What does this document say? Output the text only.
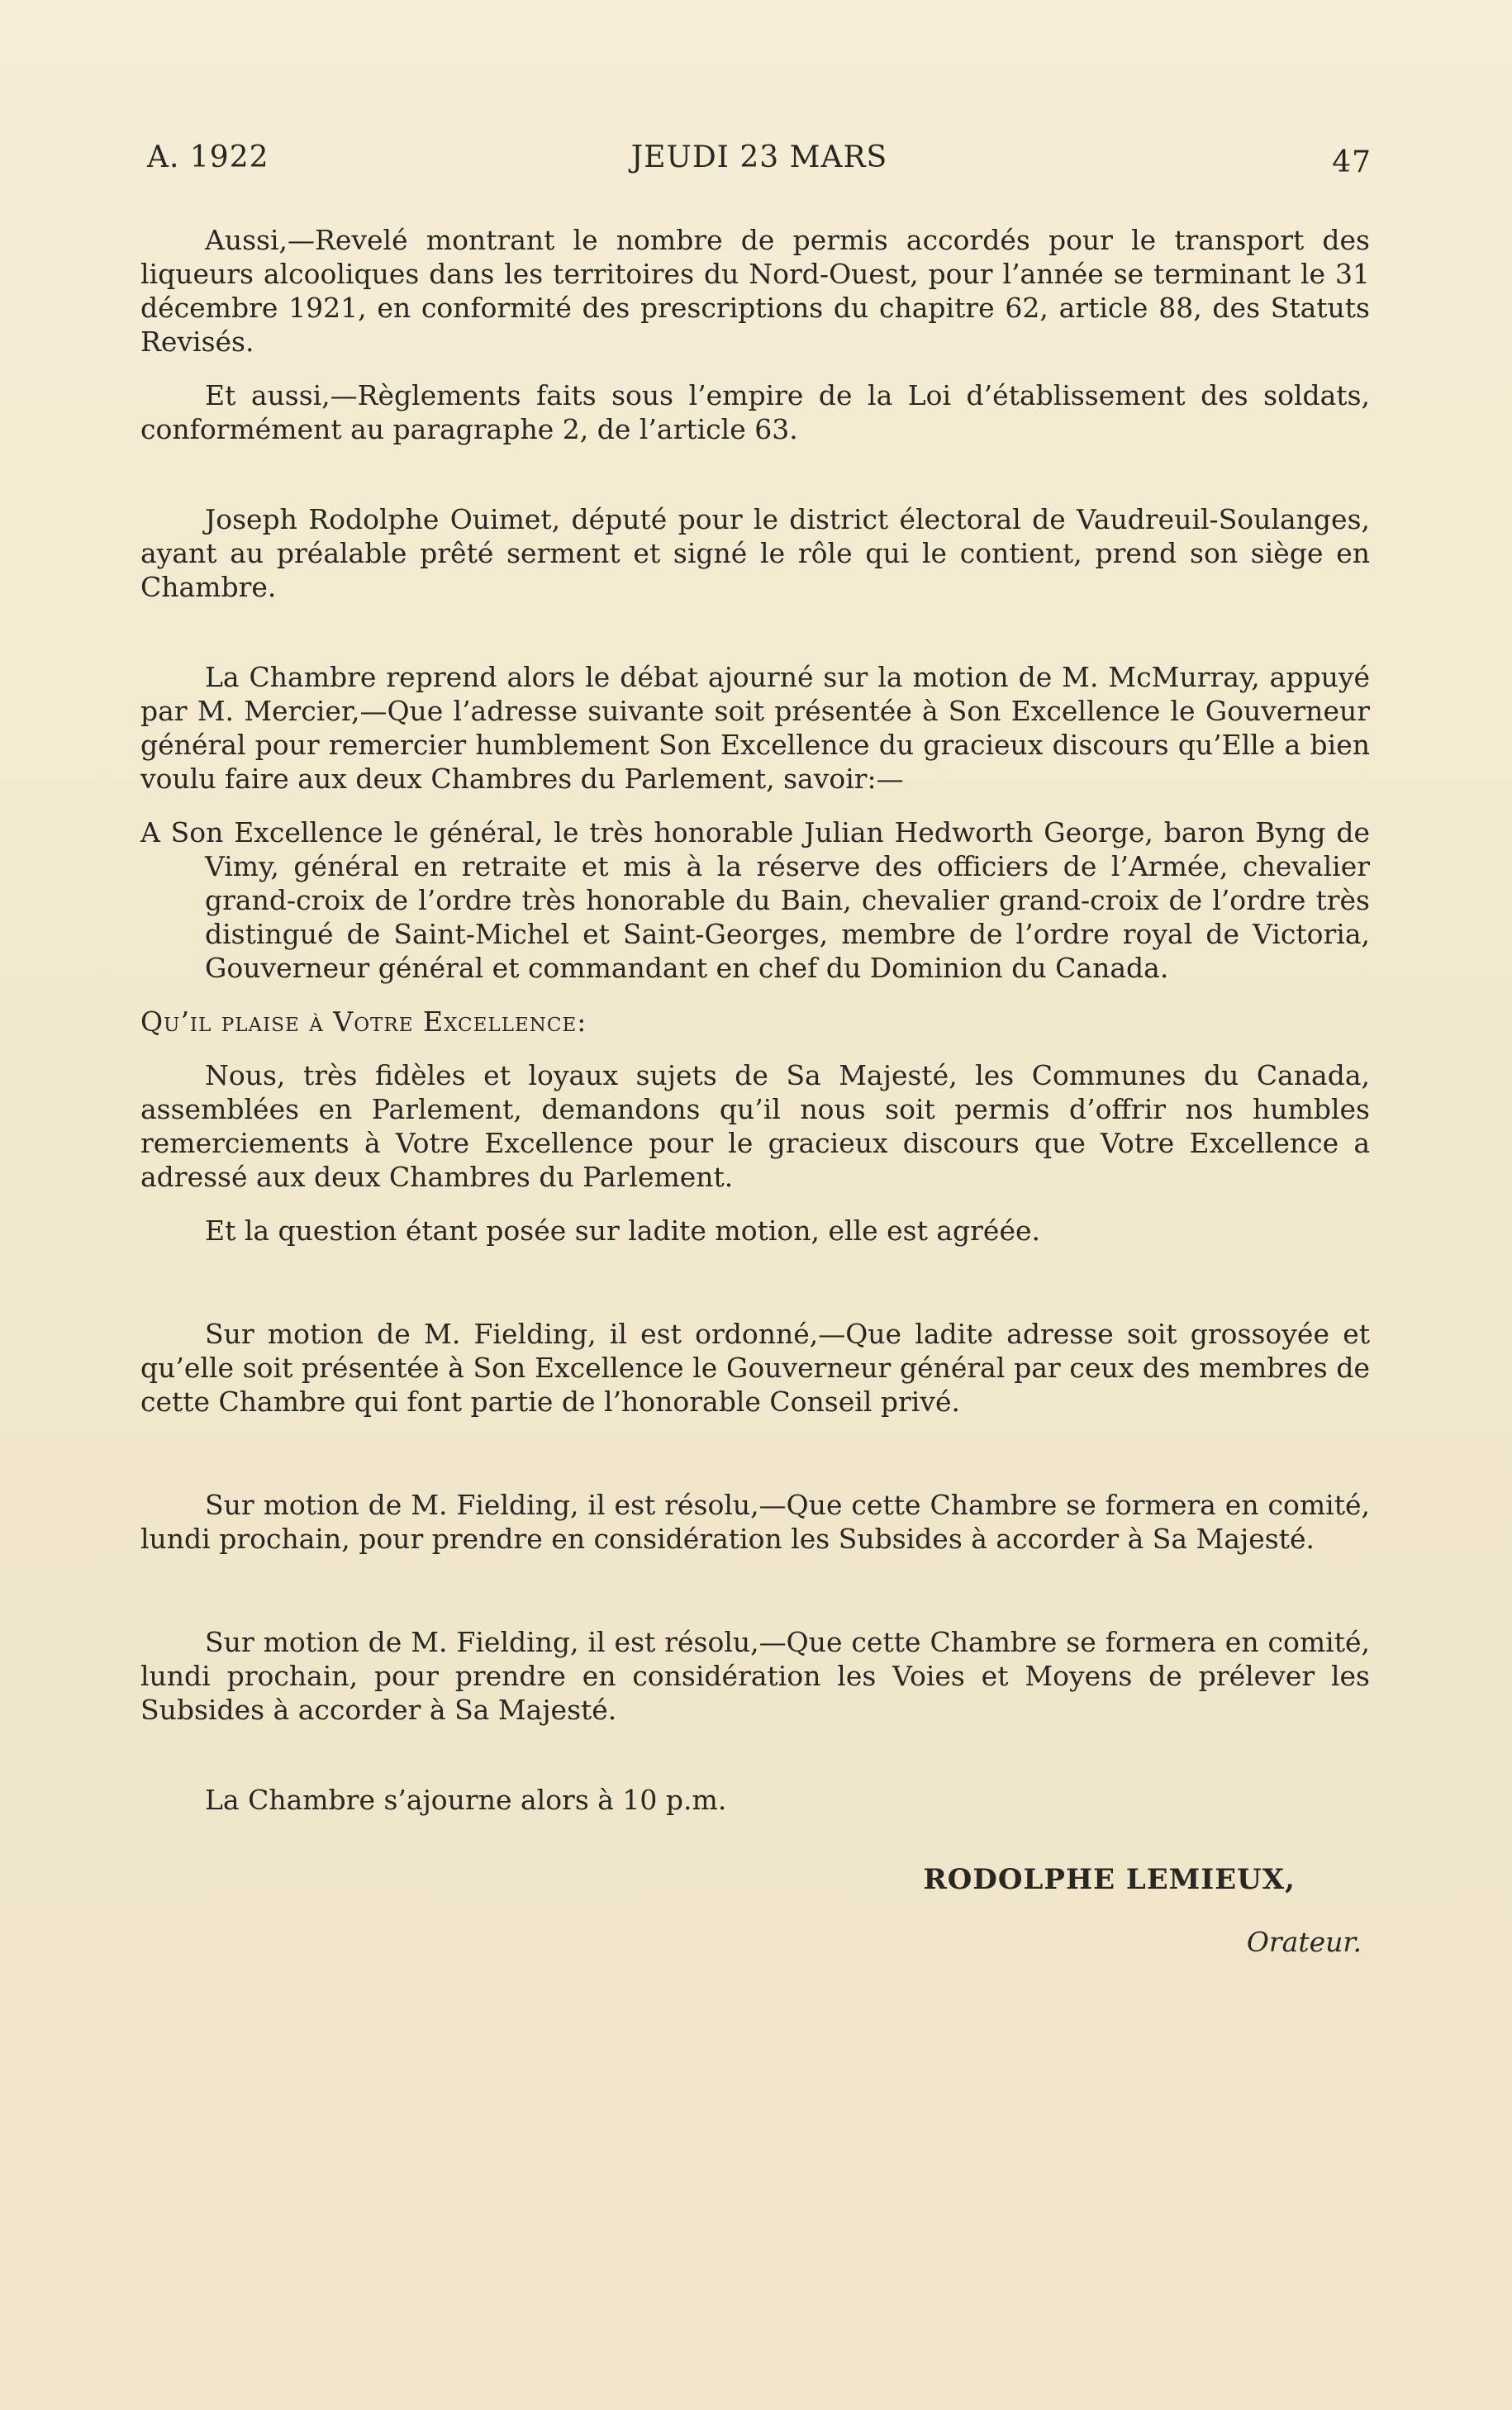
A. 1922	JEUDI 23 MARS	47

Aussi,—Revelé montrant le nombre de permis accordés pour le transport des liqueurs alcooliques dans les territoires du Nord-Ouest, pour l’année se terminant le 31 décembre 1921, en conformité des prescriptions du chapitre 62, article 88, des Statuts Revisés.

Et aussi,—Règlements faits sous l’empire de la Loi d’établissement des soldats, conformément au paragraphe 2, de l’article 63.

Joseph Rodolphe Ouimet, député pour le district électoral de Vaudreuil-Soulanges, ayant au préalable prêté serment et signé le rôle qui le contient, prend son siège en Chambre.

La Chambre reprend alors le débat ajourné sur la motion de M. McMurray, appuyé par M. Mercier,—Que l’adresse suivante soit présentée à Son Excellence le Gouverneur général pour remercier humblement Son Excellence du gracieux discours qu’Elle a bien voulu faire aux deux Chambres du Parlement, savoir:—

A Son Excellence le général, le très honorable Julian Hedworth George, baron Byng de Vimy, général en retraite et mis à la réserve des officiers de l’Armée, chevalier grand-croix de l’ordre très honorable du Bain, chevalier grand-croix de l’ordre très distingué de Saint-Michel et Saint-Georges, membre de l’ordre royal de Victoria, Gouverneur général et commandant en chef du Dominion du Canada.

Qu’il plaise à Votre Excellence:

Nous, très fidèles et loyaux sujets de Sa Majesté, les Communes du Canada, assemblées en Parlement, demandons qu’il nous soit permis d’offrir nos humbles remerciements à Votre Excellence pour le gracieux discours que Votre Excellence a adressé aux deux Chambres du Parlement.

Et la question étant posée sur ladite motion, elle est agréée.

Sur motion de M. Fielding, il est ordonné,—Que ladite adresse soit grossoyée et qu’elle soit présentée à Son Excellence le Gouverneur général par ceux des membres de cette Chambre qui font partie de l’honorable Conseil privé.

Sur motion de M. Fielding, il est résolu,—Que cette Chambre se formera en comité, lundi prochain, pour prendre en considération les Subsides à accorder à Sa Majesté.

Sur motion de M. Fielding, il est résolu,—Que cette Chambre se formera en comité, lundi prochain, pour prendre en considération les Voies et Moyens de prélever les Subsides à accorder à Sa Majesté.

La Chambre s’ajourne alors à 10 p.m.

RODOLPHE LEMIEUX,

Orateur.
